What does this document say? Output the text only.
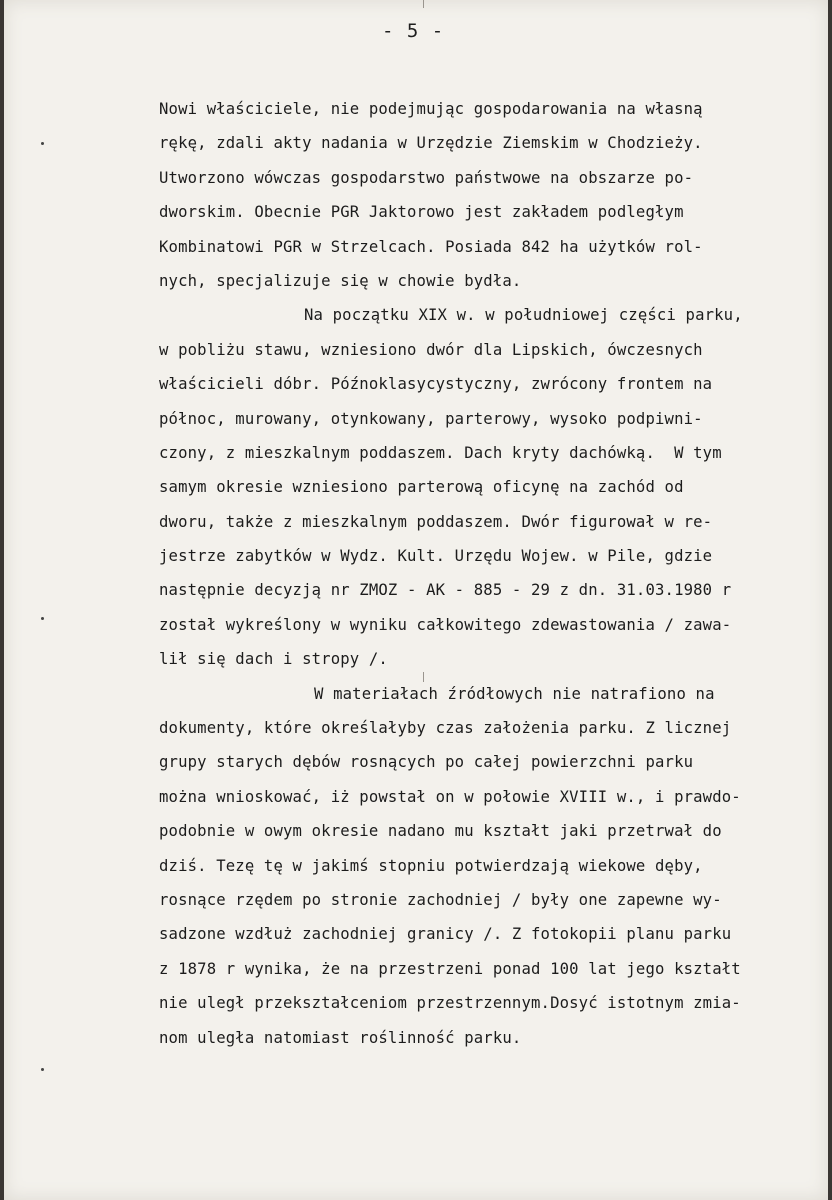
- 5 -
Nowi właściciele, nie podejmując gospodarowania na własną
rękę, zdali akty nadania w Urzędzie Ziemskim w Chodzieży.
Utworzono wówczas gospodarstwo państwowe na obszarze po-
dworskim. Obecnie PGR Jaktorowo jest zakładem podległym
Kombinatowi PGR w Strzelcach. Posiada 842 ha użytków rol-
nych, specjalizuje się w chowie bydła.
Na początku XIX w. w południowej części parku,
w pobliżu stawu, wzniesiono dwór dla Lipskich, ówczesnych
właścicieli dóbr. Późnoklasycystyczny, zwrócony frontem na
północ, murowany, otynkowany, parterowy, wysoko podpiwni-
czony, z mieszkalnym poddaszem. Dach kryty dachówką.  W tym
samym okresie wzniesiono parterową oficynę na zachód od
dworu, także z mieszkalnym poddaszem. Dwór figurował w re-
jestrze zabytków w Wydz. Kult. Urzędu Wojew. w Pile, gdzie
następnie decyzją nr ZMOZ - AK - 885 - 29 z dn. 31.03.1980 r
został wykreślony w wyniku całkowitego zdewastowania / zawa-
lił się dach i stropy /.
W materiałach źródłowych nie natrafiono na
dokumenty, które określałyby czas założenia parku. Z licznej
grupy starych dębów rosnących po całej powierzchni parku
można wnioskować, iż powstał on w połowie XVIII w., i prawdo-
podobnie w owym okresie nadano mu kształt jaki przetrwał do
dziś. Tezę tę w jakimś stopniu potwierdzają wiekowe dęby,
rosnące rzędem po stronie zachodniej / były one zapewne wy-
sadzone wzdłuż zachodniej granicy /. Z fotokopii planu parku
z 1878 r wynika, że na przestrzeni ponad 100 lat jego kształt
nie uległ przekształceniom przestrzennym.Dosyć istotnym zmia-
nom uległa natomiast roślinność parku.
